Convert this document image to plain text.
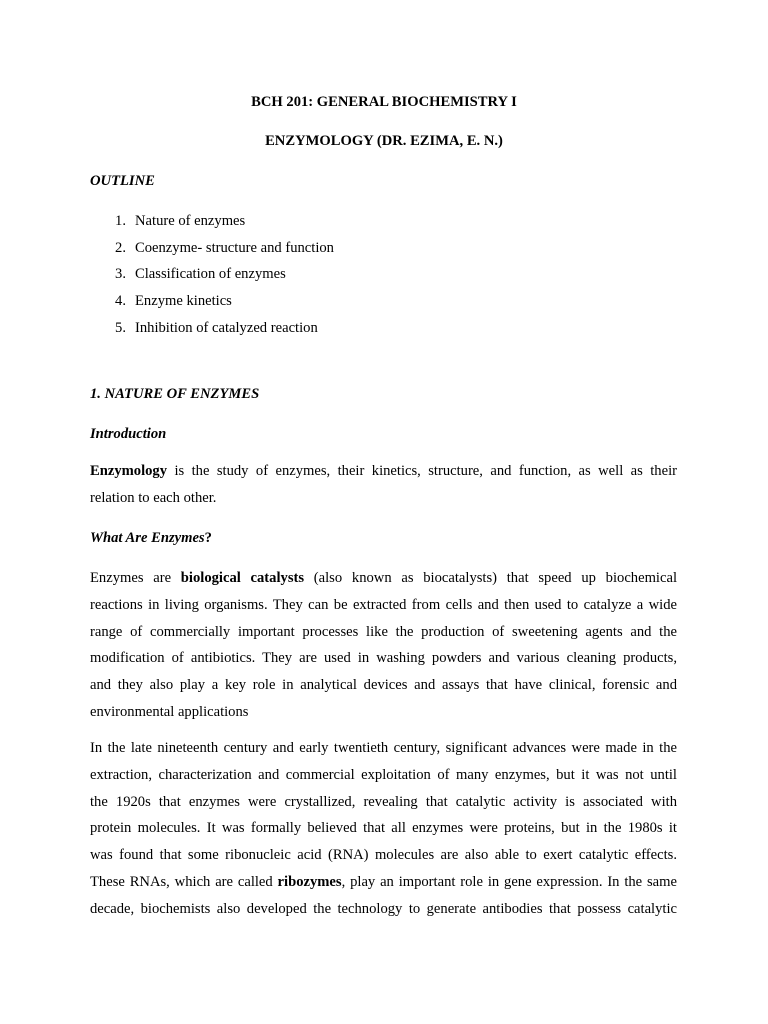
BCH 201: GENERAL BIOCHEMISTRY I
ENZYMOLOGY (DR. EZIMA, E. N.)
OUTLINE
1. Nature of enzymes
2. Coenzyme- structure and function
3. Classification of enzymes
4. Enzyme kinetics
5. Inhibition of catalyzed reaction
1. NATURE OF ENZYMES
Introduction
Enzymology is the study of enzymes, their kinetics, structure, and function, as well as their
relation to each other.
What Are Enzymes?
Enzymes are biological catalysts (also known as biocatalysts) that speed up biochemical
reactions in living organisms. They can be extracted from cells and then used to catalyze a wide
range of commercially important processes like the production of sweetening agents and the
modification of antibiotics. They are used in washing powders and various cleaning products,
and they also play a key role in analytical devices and assays that have clinical, forensic and
environmental applications
In the late nineteenth century and early twentieth century, significant advances were made in the
extraction, characterization and commercial exploitation of many enzymes, but it was not until
the 1920s that enzymes were crystallized, revealing that catalytic activity is associated with
protein molecules. It was formally believed that all enzymes were proteins, but in the 1980s it
was found that some ribonucleic acid (RNA) molecules are also able to exert catalytic effects.
These RNAs, which are called ribozymes, play an important role in gene expression. In the same
decade, biochemists also developed the technology to generate antibodies that possess catalytic
